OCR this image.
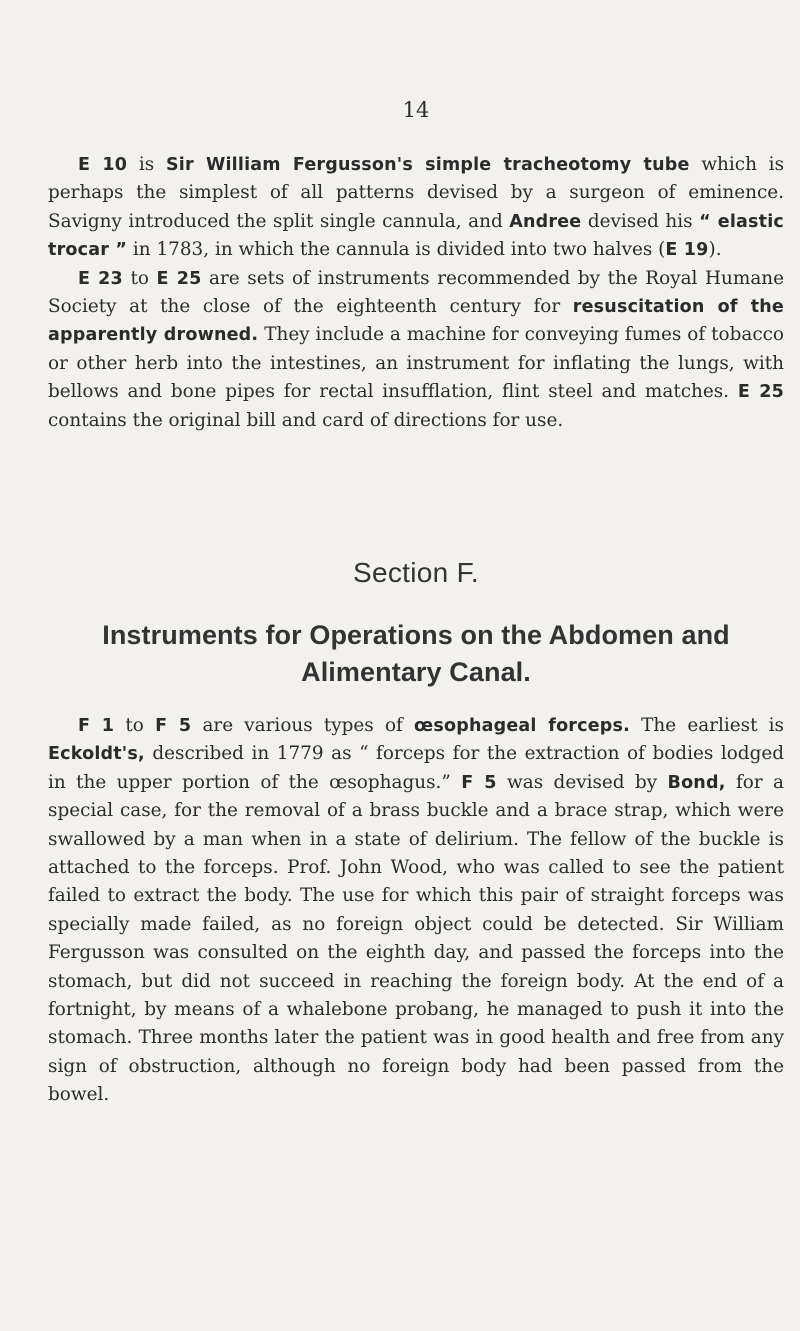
14

E 10 is Sir William Fergusson's simple tracheotomy tube which is perhaps the simplest of all patterns devised by a surgeon of eminence. Savigny introduced the split single cannula, and Andree devised his “ elastic trocar ” in 1783, in which the cannula is divided into two halves (E 19).

E 23 to E 25 are sets of instruments recommended by the Royal Humane Society at the close of the eighteenth century for resuscitation of the apparently drowned. They include a machine for conveying fumes of tobacco or other herb into the intestines, an instrument for inflating the lungs, with bellows and bone pipes for rectal insufflation, flint steel and matches. E 25 contains the original bill and card of directions for use.

Section F.
Instruments for Operations on the Abdomen and Alimentary Canal.

F 1 to F 5 are various types of œsophageal forceps. The earliest is Eckoldt's, described in 1779 as “ forceps for the extraction of bodies lodged in the upper portion of the œsophagus.” F 5 was devised by Bond, for a special case, for the removal of a brass buckle and a brace strap, which were swallowed by a man when in a state of delirium. The fellow of the buckle is attached to the forceps. Prof. John Wood, who was called to see the patient failed to extract the body. The use for which this pair of straight forceps was specially made failed, as no foreign object could be detected. Sir William Fergusson was consulted on the eighth day, and passed the forceps into the stomach, but did not succeed in reaching the foreign body. At the end of a fortnight, by means of a whalebone probang, he managed to push it into the stomach. Three months later the patient was in good health and free from any sign of obstruction, although no foreign body had been passed from the bowel.
